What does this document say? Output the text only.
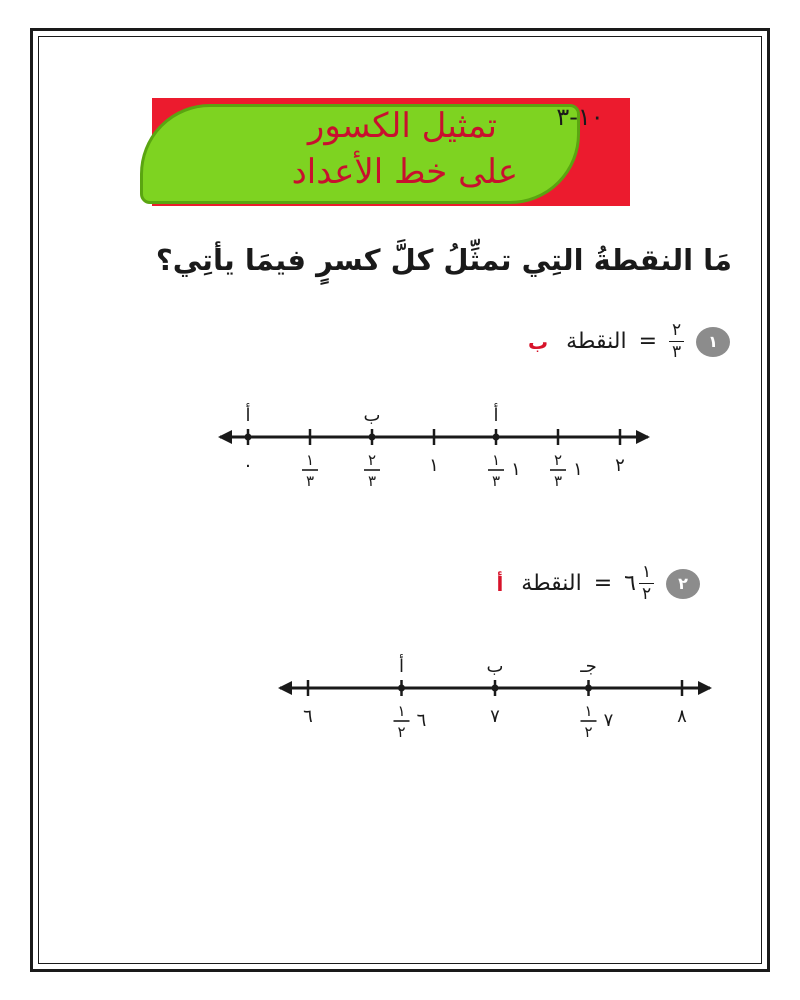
١٠-٣
تمثيل الكسور
على خط الأعداد
مَا النقطةُ التِي تمثِّلُ كلَّ كسرٍ فيمَا يأتِي؟
١
$\frac{٢}{٣}$
=
النقطة
ب
٠	١
٣
٢
٣
١	١
٣
١ ٢
٣
١ ٢
أ	ب	أ
٢
$\frac{١}{٢}$
٦
=
النقطة
أ
٦	١
٢
٦	٧	١
٢
٧	٨
أ	ب	جـ
